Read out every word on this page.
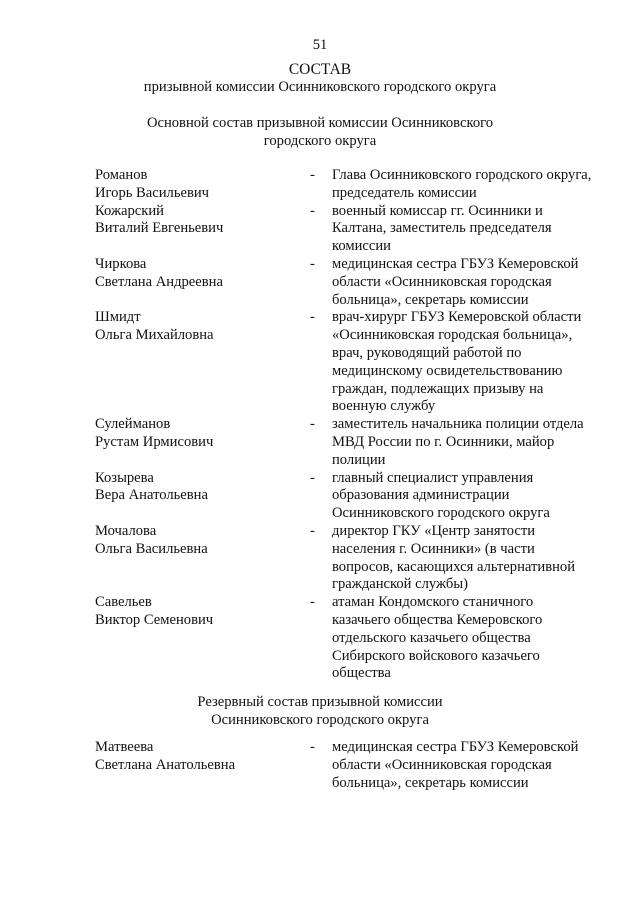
51
СОСТАВ
призывной комиссии Осинниковского городского округа
Основной состав призывной комиссии Осинниковского
городского округа
Романов
Игорь Васильевич
-	Глава Осинниковского городского округа, председатель комиссии
Кожарский
Виталий Евгеньевич
-	военный комиссар гг. Осинники и Калтана, заместитель председателя комиссии
Чиркова
Светлана Андреевна
-	медицинская сестра ГБУЗ Кемеровской области «Осинниковская городская больница», секретарь комиссии
Шмидт
Ольга Михайловна
-	врач-хирург ГБУЗ Кемеровской области «Осинниковская городская больница», врач, руководящий работой по медицинскому освидетельствованию граждан, подлежащих призыву на военную службу
Сулейманов
Рустам Ирмисович
-	заместитель начальника полиции отдела МВД России по г. Осинники, майор полиции
Козырева
Вера Анатольевна
-	главный специалист управления образования администрации Осинниковского городского округа
Мочалова
Ольга Васильевна
-	директор ГКУ «Центр занятости населения г. Осинники» (в части вопросов, касающихся альтернативной гражданской службы)
Савельев
Виктор Семенович
-	атаман Кондомского станичного казачьего общества Кемеровского отдельского казачьего общества Сибирского войскового казачьего общества
Резервный состав призывной комиссии
Осинниковского городского округа
Матвеева
Светлана Анатольевна
-	медицинская сестра ГБУЗ Кемеровской области «Осинниковская городская больница», секретарь комиссии
